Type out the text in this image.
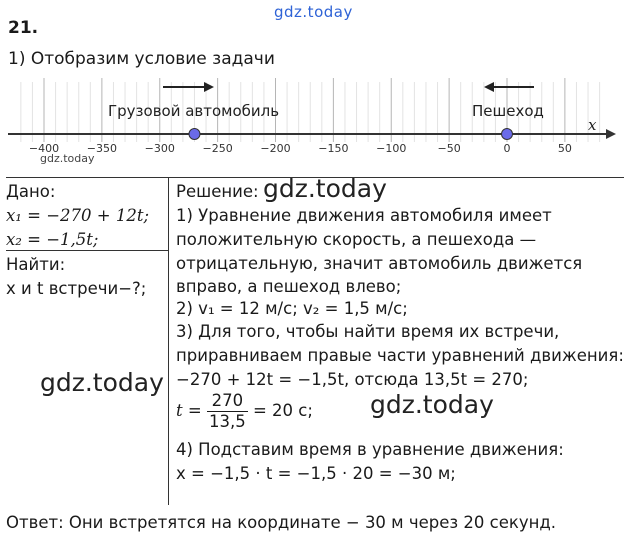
gdz.today
21.
1) Отобразим условие задачи
x
−400	−350	−300	−250	−200	−150	−100	−50	0	50
Грузовой автомобиль	Пешеход
gdz.today
Дано:
x₁ = −270 + 12t;
x₂ = −1,5t;
Найти:
x и t встречи−?;
Решение: gdz.today
1) Уравнение движения автомобиля имеет
положительную скорость, а пешехода —
отрицательную, значит автомобиль движется
вправо, а пешеход влево;
2) v₁ = 12 м/с; v₂ = 1,5 м/с;
3) Для того, чтобы найти время их встречи,
приравниваем правые части уравнений движения:
−270 + 12t = −1,5t, отсюда 13,5t = 270;
gdz.today
gdz.today
$t = \frac{270}{13,5} = 20$ с;
4) Подставим время в уравнение движения:
x = −1,5 · t = −1,5 · 20 = −30 м;
Ответ: Они встретятся на координате − 30 м через 20 секунд.
